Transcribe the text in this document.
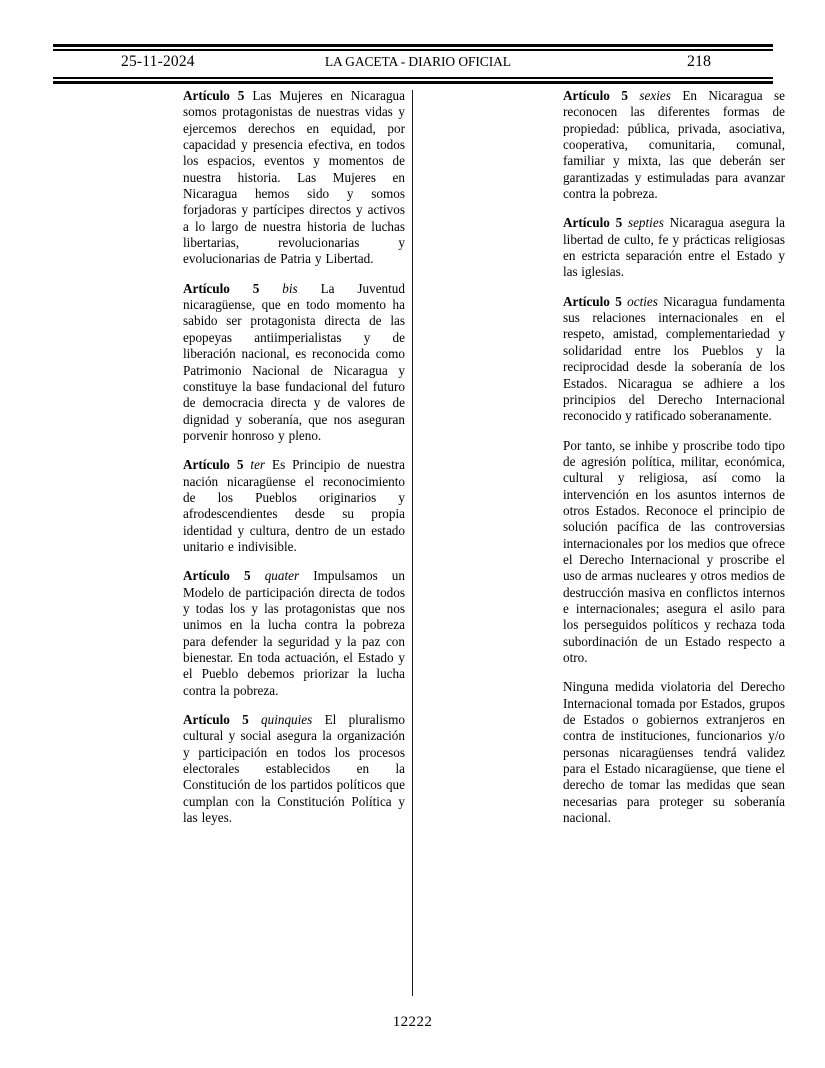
25-11-2024	LA GACETA - DIARIO OFICIAL	218

Artículo 5 Las Mujeres en Nicaragua somos protagonistas de nuestras vidas y ejercemos derechos en equidad, por capacidad y presencia efectiva, en todos los espacios, eventos y momentos de nuestra historia. Las Mujeres en Nicaragua hemos sido y somos forjadoras y partícipes directos y activos a lo largo de nuestra historia de luchas libertarias, revolucionarias y evolucionarias de Patria y Libertad.

Artículo 5 bis La Juventud nicaragüense, que en todo momento ha sabido ser protagonista directa de las epopeyas antiimperialistas y de liberación nacional, es reconocida como Patrimonio Nacional de Nicaragua y constituye la base fundacional del futuro de democracia directa y de valores de dignidad y soberanía, que nos aseguran porvenir honroso y pleno.

Artículo 5 ter Es Principio de nuestra nación nicaragüense el reconocimiento de los Pueblos originarios y afrodescendientes desde su propia identidad y cultura, dentro de un estado unitario e indivisible.

Artículo 5 quater Impulsamos un Modelo de participación directa de todos y todas los y las protagonistas que nos unimos en la lucha contra la pobreza para defender la seguridad y la paz con bienestar. En toda actuación, el Estado y el Pueblo debemos priorizar la lucha contra la pobreza.

Artículo 5 quinquies El pluralismo cultural y social asegura la organización y participación en todos los procesos electorales establecidos en la Constitución de los partidos políticos que cumplan con la Constitución Política y las leyes.

Artículo 5 sexies En Nicaragua se reconocen las diferentes formas de propiedad: pública, privada, asociativa, cooperativa, comunitaria, comunal, familiar y mixta, las que deberán ser garantizadas y estimuladas para avanzar contra la pobreza.

Artículo 5 septies Nicaragua asegura la libertad de culto, fe y prácticas religiosas en estricta separación entre el Estado y las iglesias.

Artículo 5 octies Nicaragua fundamenta sus relaciones internacionales en el respeto, amistad, complementariedad y solidaridad entre los Pueblos y la reciprocidad desde la soberanía de los Estados. Nicaragua se adhiere a los principios del Derecho Internacional reconocido y ratificado soberanamente.

Por tanto, se inhibe y proscribe todo tipo de agresión política, militar, económica, cultural y religiosa, así como la intervención en los asuntos internos de otros Estados. Reconoce el principio de solución pacífica de las controversias internacionales por los medios que ofrece el Derecho Internacional y proscribe el uso de armas nucleares y otros medios de destrucción masiva en conflictos internos e internacionales; asegura el asilo para los perseguidos políticos y rechaza toda subordinación de un Estado respecto a otro.

Ninguna medida violatoria del Derecho Internacional tomada por Estados, grupos de Estados o gobiernos extranjeros en contra de instituciones, funcionarios y/o personas nicaragüenses tendrá validez para el Estado nicaragüense, que tiene el derecho de tomar las medidas que sean necesarias para proteger su soberanía nacional.

12222
